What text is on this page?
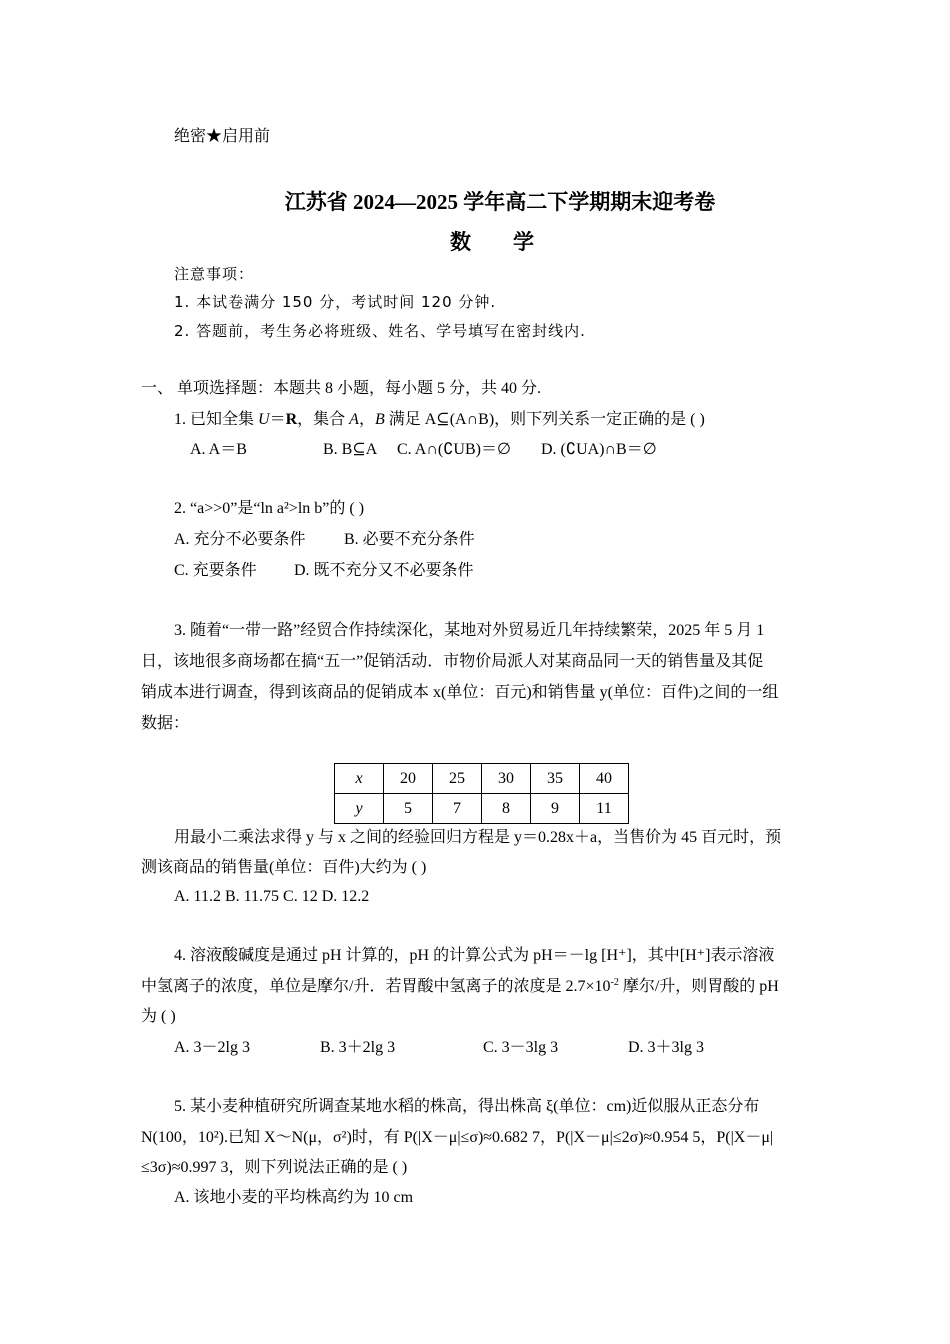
绝密★启用前
江苏省 2024—2025 学年高二下学期期末迎考卷
数学
注意事项：
1. 本试卷满分 150 分，考试时间 120 分钟.
2. 答题前，考生务必将班级、姓名、学号填写在密封线内.
一、 单项选择题：本题共 8 小题，每小题 5 分，共 40 分.
1. 已知全集 U＝R，集合 A，B 满足 A⊆(A∩B)，则下列关系一定正确的是 ( )
A. A＝B	B. B⊆A C. A∩(∁UB)＝∅ D. (∁UA)∩B＝∅
2. “a>>0”是“ln a²>ln b”的 ( )
A. 充分不必要条件 B. 必要不充分条件
C. 充要条件 D. 既不充分又不必要条件
3. 随着“一带一路”经贸合作持续深化，某地对外贸易近几年持续繁荣，2025 年 5 月 1
日，该地很多商场都在搞“五一”促销活动．市物价局派人对某商品同一天的销售量及其促
销成本进行调查，得到该商品的促销成本 x(单位：百元)和销售量 y(单位：百件)之间的一组
数据：
x	20	25	30	35	40
y	5	7	8	9	11
用最小二乘法求得 y 与 x 之间的经验回归方程是 y＝0.28x＋a，当售价为 45 百元时，预
测该商品的销售量(单位：百件)大约为 ( )
A. 11.2 B. 11.75 C. 12 D. 12.2
4. 溶液酸碱度是通过 pH 计算的，pH 的计算公式为 pH＝－lg [H⁺]，其中[H⁺]表示溶液
中氢离子的浓度，单位是摩尔/升．若胃酸中氢离子的浓度是 $2.7\times 10^{-2}$ 摩尔/升，则胃酸的 pH
为 ( )
A. 3－2lg 3	B. 3＋2lg 3	C. 3－3lg 3	D. 3＋3lg 3
5. 某小麦种植研究所调查某地水稻的株高，得出株高 ξ(单位：cm)近似服从正态分布
N(100，10²).已知 X～N(μ，σ²)时，有 P(|X－μ|≤σ)≈0.682 7，P(|X－μ|≤2σ)≈0.954 5，P(|X－μ|
≤3σ)≈0.997 3，则下列说法正确的是 ( )
A. 该地小麦的平均株高约为 10 cm
